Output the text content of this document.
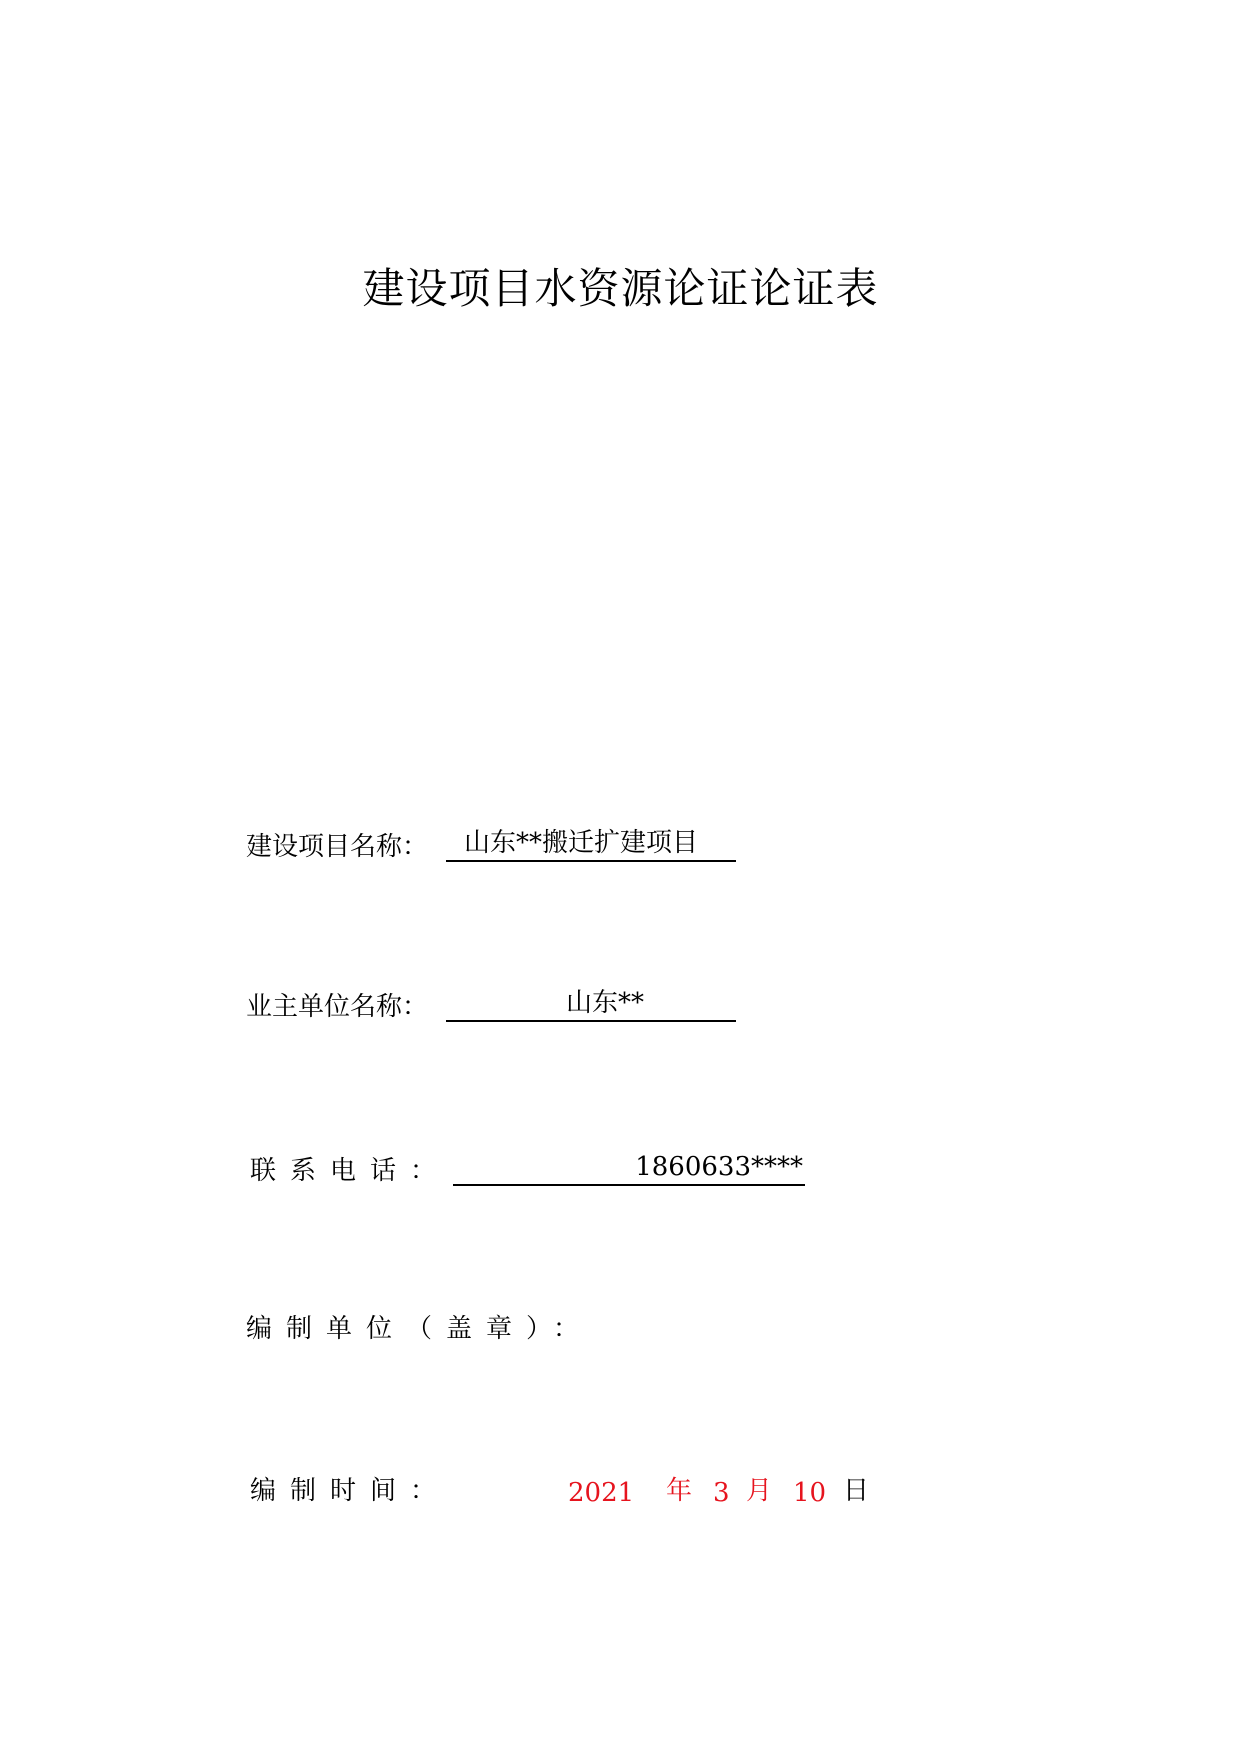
建设项目水资源论证论证表
建设项目名称： 山东**搬迁扩建项目
业主单位名称：	山东**
联系电话：	1860633****
编制单位（盖章）：
编制时间：	2021 年 3 月 10 日
